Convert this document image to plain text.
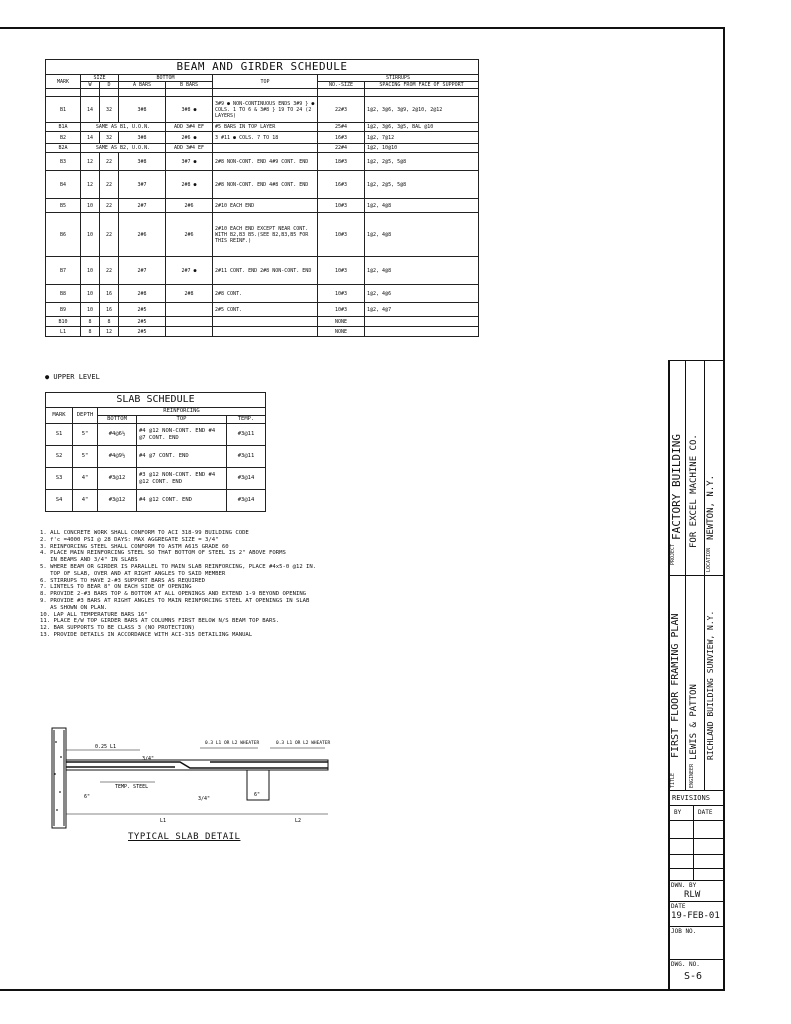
BEAM AND GIRDER SCHEDULE							
MARK	SIZE		BOTTOM		TOP	STIRRUPS	
	W	D	A BARS	B BARS		NO.-SIZE	SPACING FROM FACE OF SUPPORT

B1	14	32	3#8	3#8 ●	3#9 ● NON-CONTINUOUS ENDS 3#9 } ● COLS. 1 TO 6 & 3#8 } 19 TO 24 (2 LAYERS)	22#3	1@2, 3@6, 3@9, 2@10, 2@12
B1A	SAME AS B1, U.O.N.			ADD 3#4 EF	#5 BARS IN TOP LAYER	25#4	1@2, 3@6, 3@5, BAL @10
B2	14	32	3#8	2#6 ●	3 #11 ● COLS. 7 TO 18	16#3	1@2, 7@12
B2A	SAME AS B2, U.O.N.			ADD 3#4 EF		22#4	1@2, 10@10
B3	12	22	3#8	3#7 ●	2#8 NON-CONT. END 4#9 CONT. END	18#3	1@2, 2@5, 5@8
B4	12	22	3#7	2#8 ●	2#8 NON-CONT. END 4#8 CONT. END	16#3	1@2, 2@5, 5@8
B5	10	22	2#7	2#6	2#10 EACH END	10#3	1@2, 4@8
B6	10	22	2#6	2#6	2#10 EACH END EXCEPT NEAR CONT. WITH B2,B3 B5.(SEE B2,B3,B5 FOR THIS REINF.)	10#3	1@2, 4@8
B7	10	22	2#7	2#7 ●	2#11 CONT. END 2#8 NON-CONT. END	10#3	1@2, 4@8
B8	10	16	2#8	2#8	2#8 CONT.	10#3	1@2, 4@6
B9	10	16	2#5		2#5 CONT.	10#3	1@2, 4@7
B10	8	8	2#5			NONE	
L1	8	12	2#5			NONE	
● UPPER LEVEL
SLAB SCHEDULE				
MARK	DEPTH	REINFORCING		
		BOTTOM	TOP	TEMP.
S1	5"	#4@6½	#4 @12 NON-CONT. END #4 @7 CONT. END	#3@11
S2	5"	#4@9½	#4 @7 CONT. END	#3@11
S3	4"	#3@12	#3 @12 NON-CONT. END #4 @12 CONT. END	#3@14
S4	4"	#3@12	#4 @12 CONT. END	#3@14
1. ALL CONCRETE WORK SHALL CONFORM TO ACI 318-99 BUILDING CODE
2. f'c =4000 PSI @ 28 DAYS: MAX AGGREGATE SIZE = 3/4"
3. REINFORCING STEEL SHALL CONFORM TO ASTM A615 GRADE 60
4. PLACE MAIN REINFORCING STEEL SO THAT BOTTOM OF STEEL IS 2" ABOVE FORMS
IN BEAMS AND 3/4" IN SLABS
5. WHERE BEAM OR GIRDER IS PARALLEL TO MAIN SLAB REINFORCING, PLACE #4x5-0 @12 IN.
TOP OF SLAB, OVER AND AT RIGHT ANGLES TO SAID MEMBER
6. STIRRUPS TO HAVE 2-#3 SUPPORT BARS AS REQUIRED
7. LINTELS TO BEAR 8" ON EACH SIDE OF OPENING
8. PROVIDE 2-#3 BARS TOP & BOTTOM AT ALL OPENINGS AND EXTEND 1-9 BEYOND OPENING
9. PROVIDE #3 BARS AT RIGHT ANGLES TO MAIN REINFORCING STEEL AT OPENINGS IN SLAB
AS SHOWN ON PLAN.
10. LAP ALL TEMPERATURE BARS 16"
11. PLACE E/W TOP GIRDER BARS AT COLUMNS FIRST BELOW N/S BEAM TOP BARS.
12. BAR SUPPORTS TO BE CLASS 3 (NO PROTECTION)
13. PROVIDE DETAILS IN ACCORDANCE WITH ACI-315 DETAILING MANUAL
0.25 L1
0.3 L1 OR L2 WHEATER	0.3 L1 OR L2 WHEATER
TEMP. STEEL
L1	L2
3/4"
3/4"
6"	6"
TYPICAL SLAB DETAIL
PROJECT
FACTORY BUILDING FOR EXCEL MACHINE CO.
LOCATION
NEWTON, N.Y.
TITLE
FIRST FLOOR FRAMING PLAN
ENGINEER
LEWIS & PATTON RICHLAND BUILDING SUNVIEW, N.Y.
REVISIONS
BY	DATE
DWN. BY
RLW
DATE
19-FEB-01
JOB NO.
DWG. NO.
S-6
